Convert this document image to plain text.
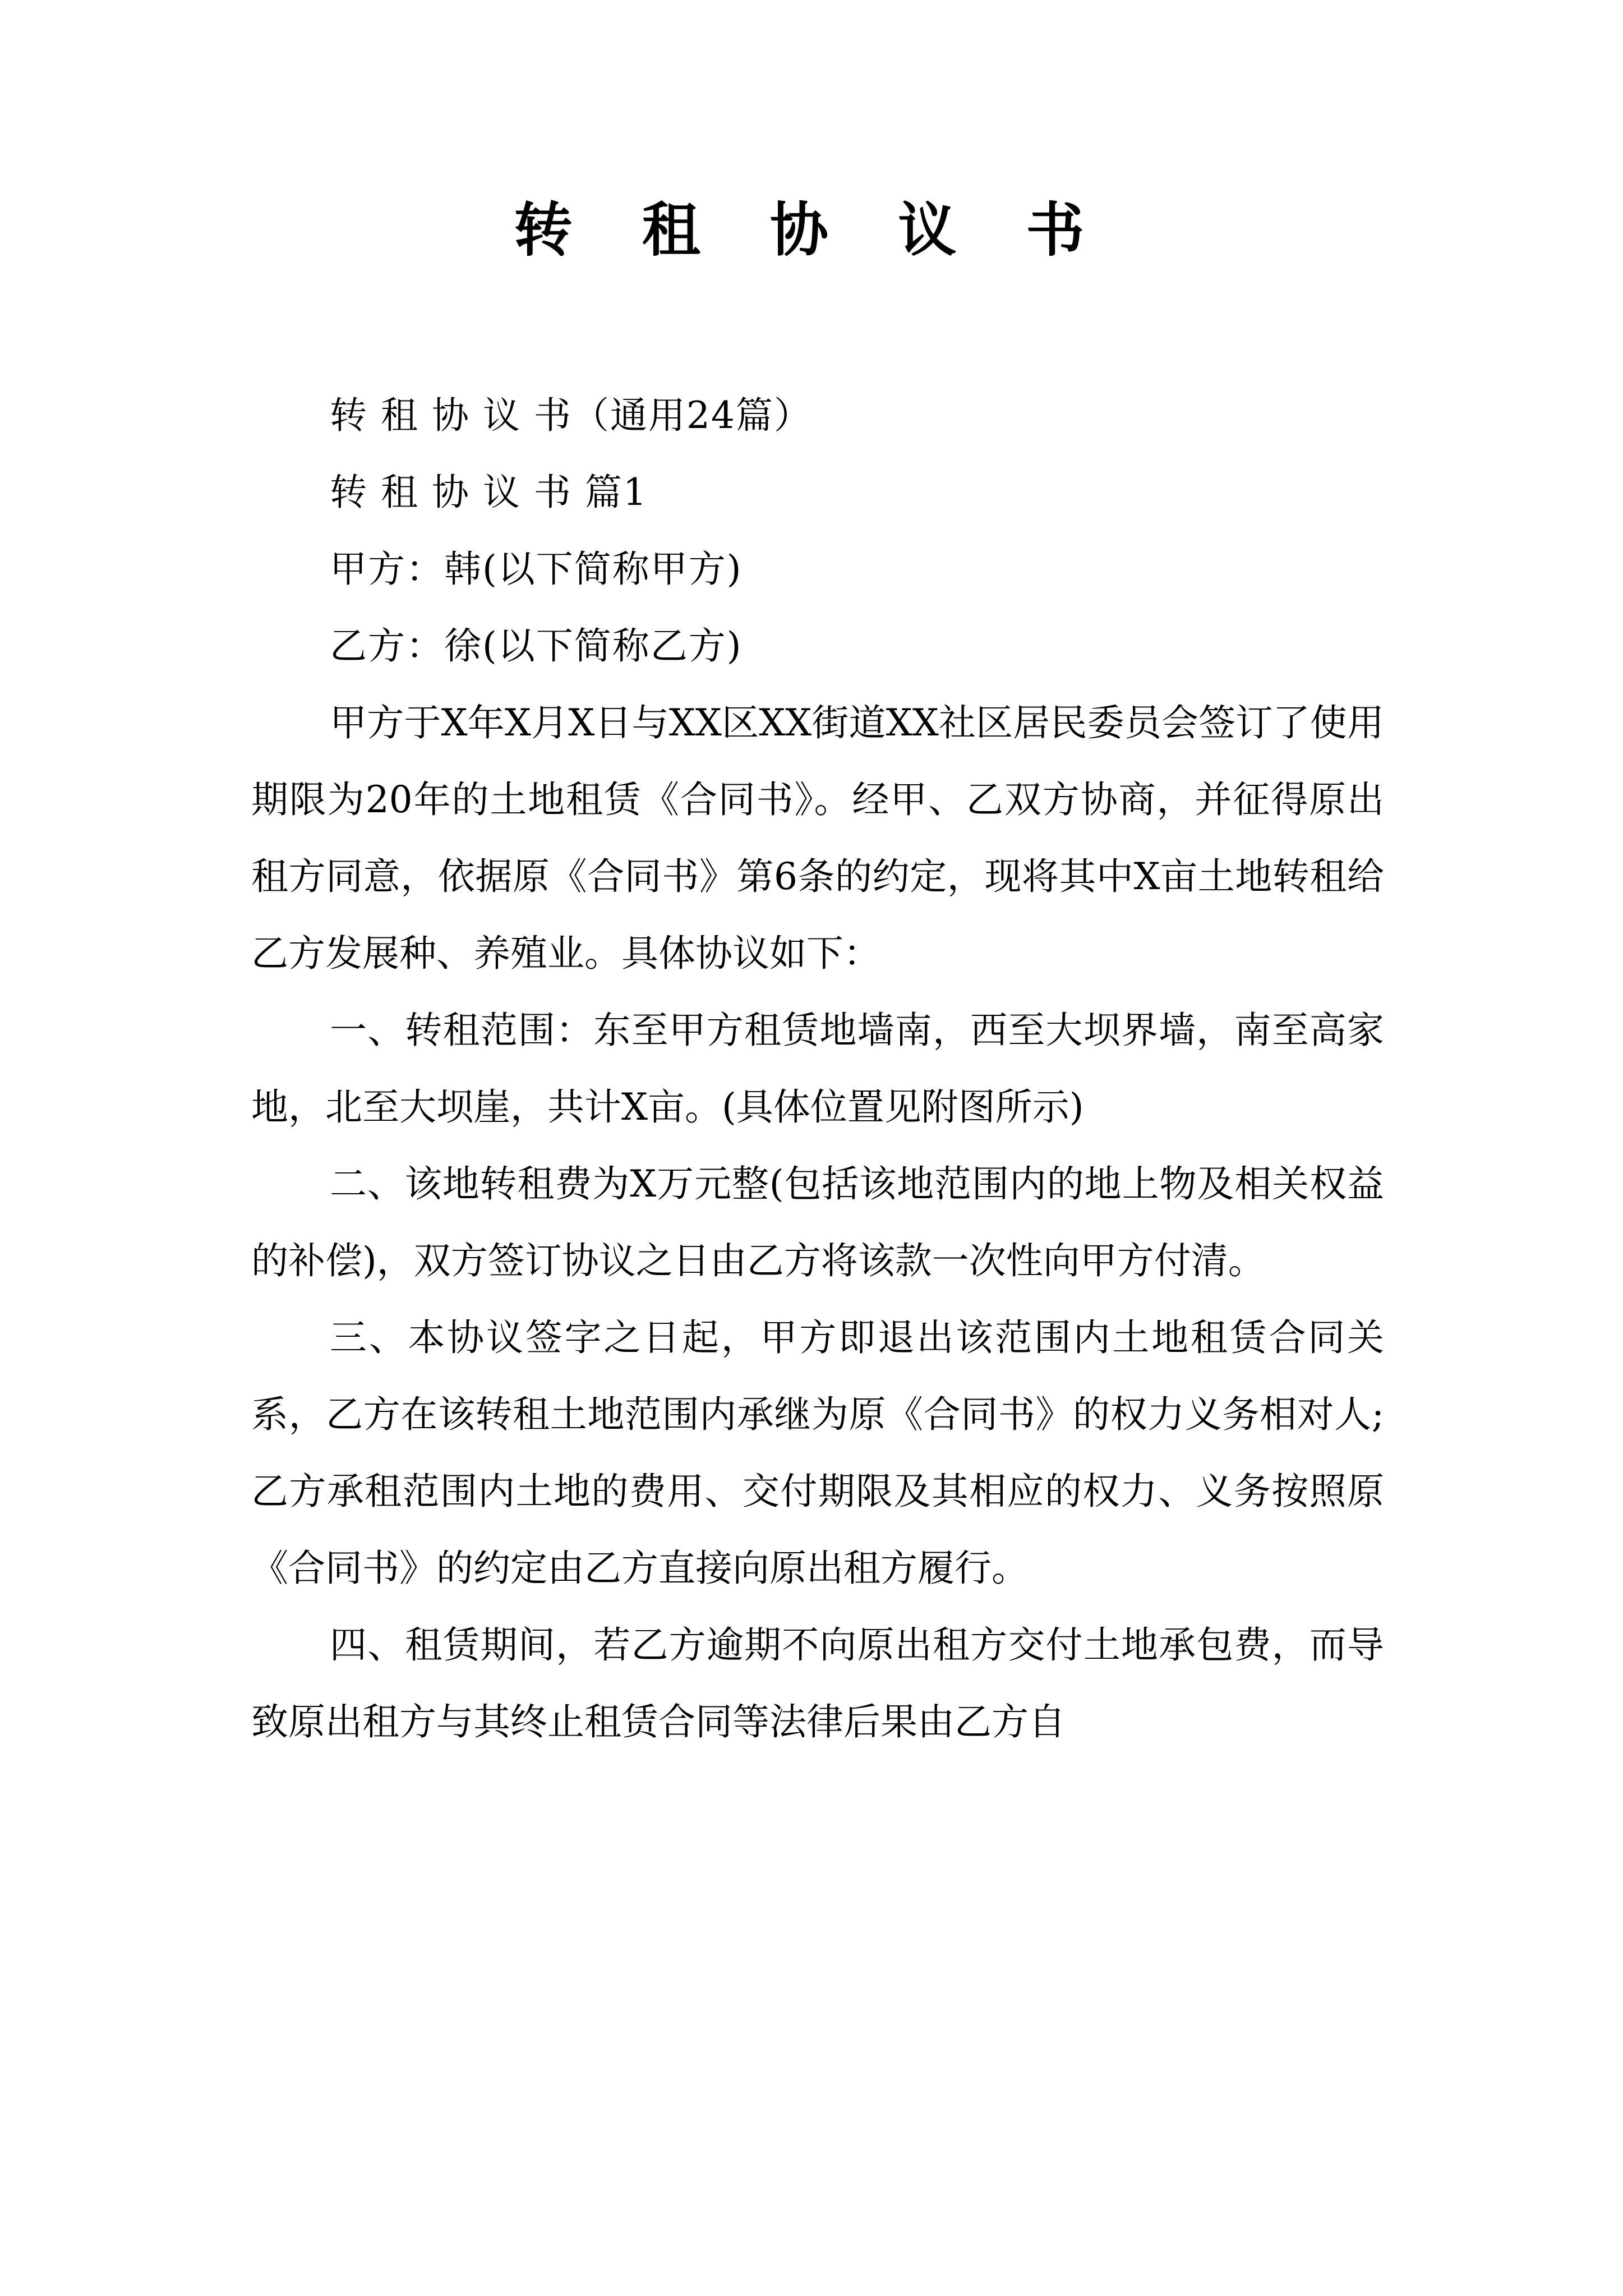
转 租 协 议 书

转 租 协 议 书（通用24篇）

转 租 协 议 书 篇1

甲方：韩(以下简称甲方)

乙方：徐(以下简称乙方)

甲方于X年X月X日与XX区XX街道XX社区居民委员会签订了使用期限为20年的土地租赁《合同书》。经甲、乙双方协商，并征得原出租方同意，依据原《合同书》第6条的约定，现将其中X亩土地转租给乙方发展种、养殖业。具体协议如下：

一、转租范围：东至甲方租赁地墙南，西至大坝界墙，南至高家地，北至大坝崖，共计X亩。(具体位置见附图所示)

二、该地转租费为X万元整(包括该地范围内的地上物及相关权益的补偿)，双方签订协议之日由乙方将该款一次性向甲方付清。

三、本协议签字之日起，甲方即退出该范围内土地租赁合同关系，乙方在该转租土地范围内承继为原《合同书》的权力义务相对人;乙方承租范围内土地的费用、交付期限及其相应的权力、义务按照原《合同书》的约定由乙方直接向原出租方履行。

四、租赁期间，若乙方逾期不向原出租方交付土地承包费，而导致原出租方与其终止租赁合同等法律后果由乙方自
